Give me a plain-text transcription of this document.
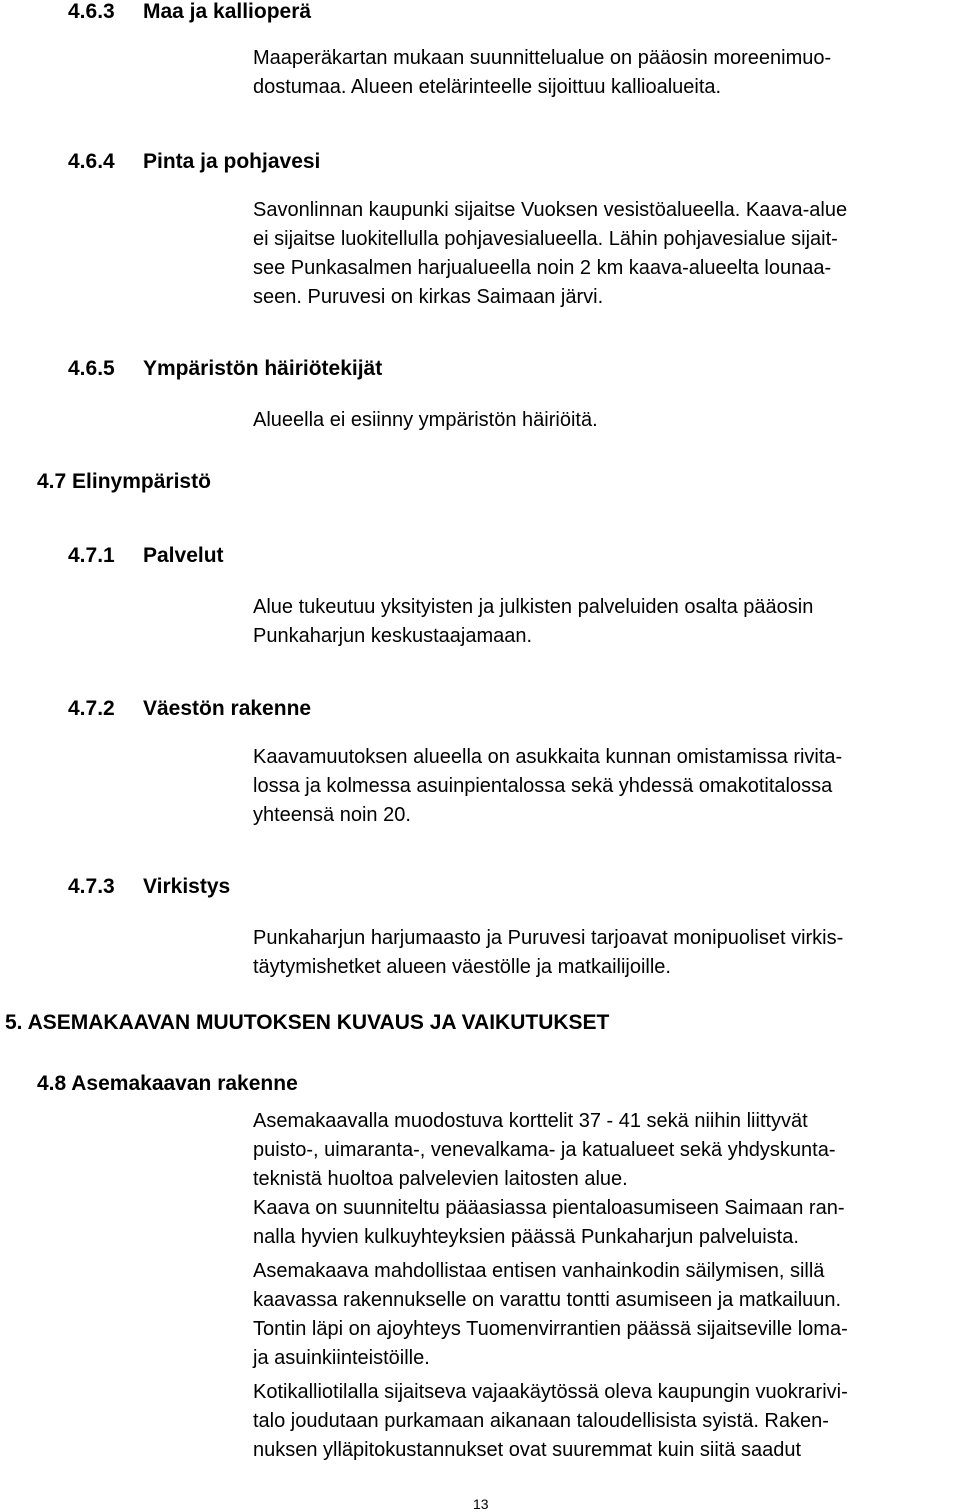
4.6.3 Maa ja kallioperä
Maaperäkartan mukaan suunnittelualue on pääosin moreenimuo-
dostumaa. Alueen etelärinteelle sijoittuu kallioalueita.
4.6.4 Pinta ja pohjavesi
Savonlinnan kaupunki sijaitse Vuoksen vesistöalueella. Kaava-alue
ei sijaitse luokitellulla pohjavesialueella. Lähin pohjavesialue sijait-
see Punkasalmen harjualueella noin 2 km kaava-alueelta lounaa-
seen. Puruvesi on kirkas Saimaan järvi.
4.6.5 Ympäristön häiriötekijät
Alueella ei esiinny ympäristön häiriöitä.
4.7 Elinympäristö
4.7.1 Palvelut
Alue tukeutuu yksityisten ja julkisten palveluiden osalta pääosin
Punkaharjun keskustaajamaan.
4.7.2 Väestön rakenne
Kaavamuutoksen alueella on asukkaita kunnan omistamissa rivita-
lossa ja kolmessa asuinpientalossa sekä yhdessä omakotitalossa
yhteensä noin 20.
4.7.3 Virkistys
Punkaharjun harjumaasto ja Puruvesi tarjoavat monipuoliset virkis-
täytymishetket alueen väestölle ja matkailijoille.
5. ASEMAKAAVAN MUUTOKSEN KUVAUS JA VAIKUTUKSET
4.8 Asemakaavan rakenne
Asemakaavalla muodostuva korttelit 37 - 41 sekä niihin liittyvät
puisto-, uimaranta-, venevalkama- ja katualueet sekä yhdyskunta-
teknistä huoltoa palvelevien laitosten alue.
Kaava on suunniteltu pääasiassa pientaloasumiseen Saimaan ran-
nalla hyvien kulkuyhteyksien päässä Punkaharjun palveluista.
Asemakaava mahdollistaa entisen vanhainkodin säilymisen, sillä
kaavassa rakennukselle on varattu tontti asumiseen ja matkailuun.
Tontin läpi on ajoyhteys Tuomenvirrantien päässä sijaitseville loma-
ja asuinkiinteistöille.
Kotikalliotilalla sijaitseva vajaakäytössä oleva kaupungin vuokrarivi-
talo joudutaan purkamaan aikanaan taloudellisista syistä. Raken-
nuksen ylläpitokustannukset ovat suuremmat kuin siitä saadut
13
